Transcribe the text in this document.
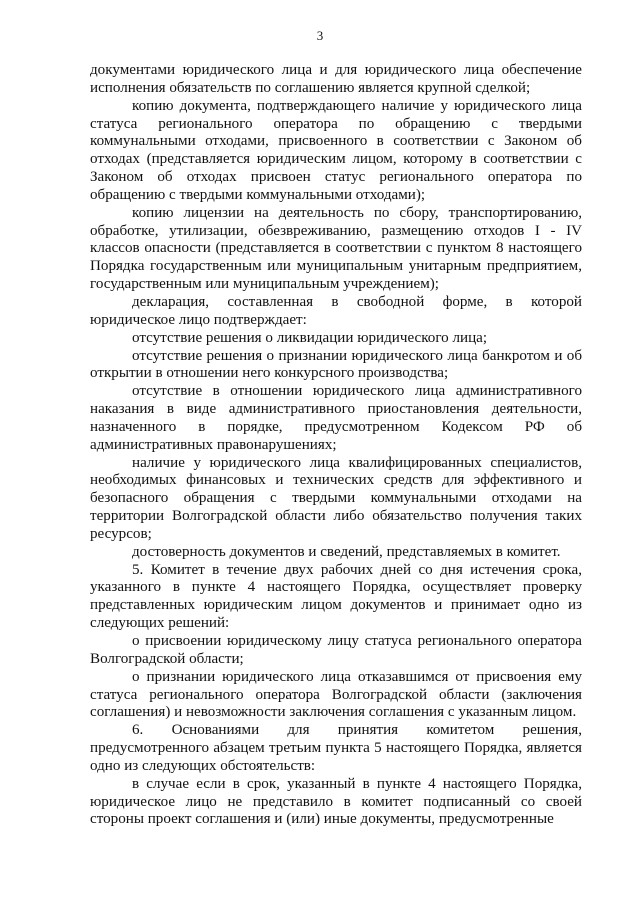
3

документами юридического лица и для юридического лица обеспечение исполнения обязательств по соглашению является крупной сделкой;

копию документа, подтверждающего наличие у юридического лица статуса регионального оператора по обращению с твердыми коммунальными отходами, присвоенного в соответствии с Законом об отходах (представляется юридическим лицом, которому в соответствии с Законом об отходах присвоен статус регионального оператора по обращению с твердыми коммунальными отходами);

копию лицензии на деятельность по сбору, транспортированию, обработке, утилизации, обезвреживанию, размещению отходов I - IV классов опасности (представляется в соответствии с пунктом 8 настоящего Порядка государственным или муниципальным унитарным предприятием, государственным или муниципальным учреждением);

декларация, составленная в свободной форме, в которой юридическое лицо подтверждает:

отсутствие решения о ликвидации юридического лица;

отсутствие решения о признании юридического лица банкротом и об открытии в отношении него конкурсного производства;

отсутствие в отношении юридического лица административного наказания в виде административного приостановления деятельности, назначенного в порядке, предусмотренном Кодексом РФ об административных правонарушениях;

наличие у юридического лица квалифицированных специалистов, необходимых финансовых и технических средств для эффективного и безопасного обращения с твердыми коммунальными отходами на территории Волгоградской области либо обязательство получения таких ресурсов;

достоверность документов и сведений, представляемых в комитет.

5. Комитет в течение двух рабочих дней со дня истечения срока, указанного в пункте 4 настоящего Порядка, осуществляет проверку представленных юридическим лицом документов и принимает одно из следующих решений:

о присвоении юридическому лицу статуса регионального оператора Волгоградской области;

о признании юридического лица отказавшимся от присвоения ему статуса регионального оператора Волгоградской области (заключения соглашения) и невозможности заключения соглашения с указанным лицом.

6. Основаниями для принятия комитетом решения, предусмотренного абзацем третьим пункта 5 настоящего Порядка, является одно из следующих обстоятельств:

в случае если в срок, указанный в пункте 4 настоящего Порядка, юридическое лицо не представило в комитет подписанный со своей стороны проект соглашения и (или) иные документы, предусмотренные
